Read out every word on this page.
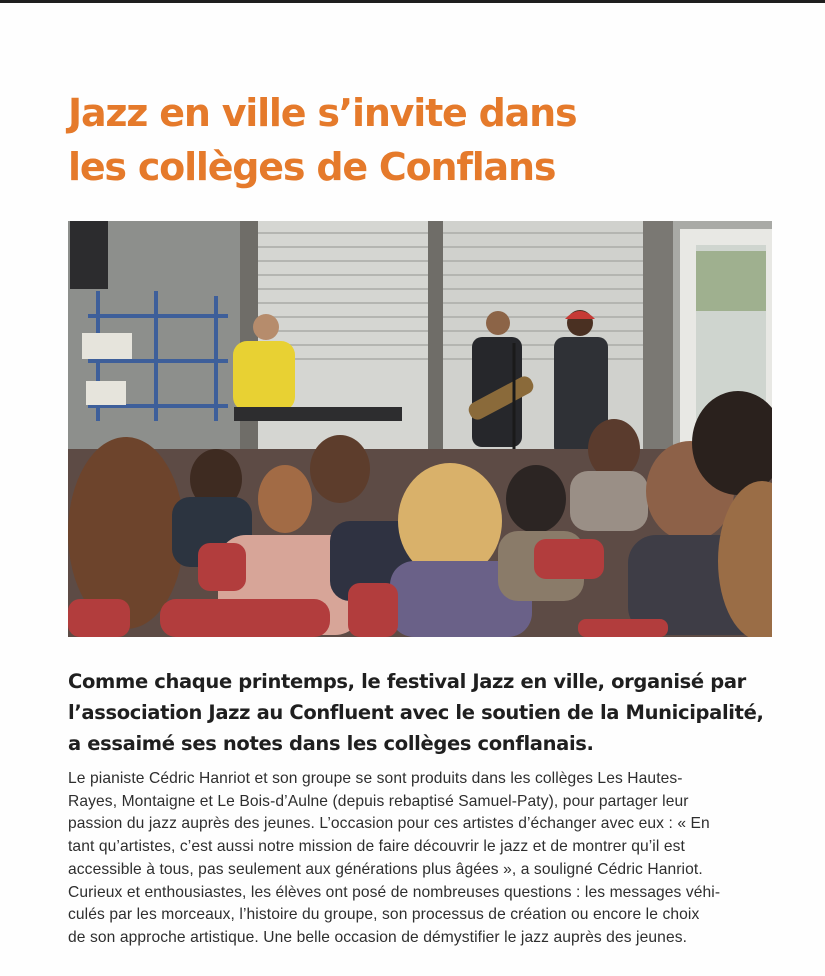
Jazz en ville s’invite dans
les collèges de Conflans

Comme chaque printemps, le festival Jazz en ville, organisé par
l’association Jazz au Confluent avec le soutien de la Municipalité,
a essaimé ses notes dans les collèges conflanais.

Le pianiste Cédric Hanriot et son groupe se sont produits dans les collèges Les Hautes-
Rayes, Montaigne et Le Bois-d’Aulne (depuis rebaptisé Samuel-Paty), pour partager leur
passion du jazz auprès des jeunes. L’occasion pour ces artistes d’échanger avec eux : « En
tant qu’artistes, c’est aussi notre mission de faire découvrir le jazz et de montrer qu’il est
accessible à tous, pas seulement aux générations plus âgées », a souligné Cédric Hanriot.
Curieux et enthousiastes, les élèves ont posé de nombreuses questions : les messages véhi-
culés par les morceaux, l’histoire du groupe, son processus de création ou encore le choix
de son approche artistique. Une belle occasion de démystifier le jazz auprès des jeunes.
